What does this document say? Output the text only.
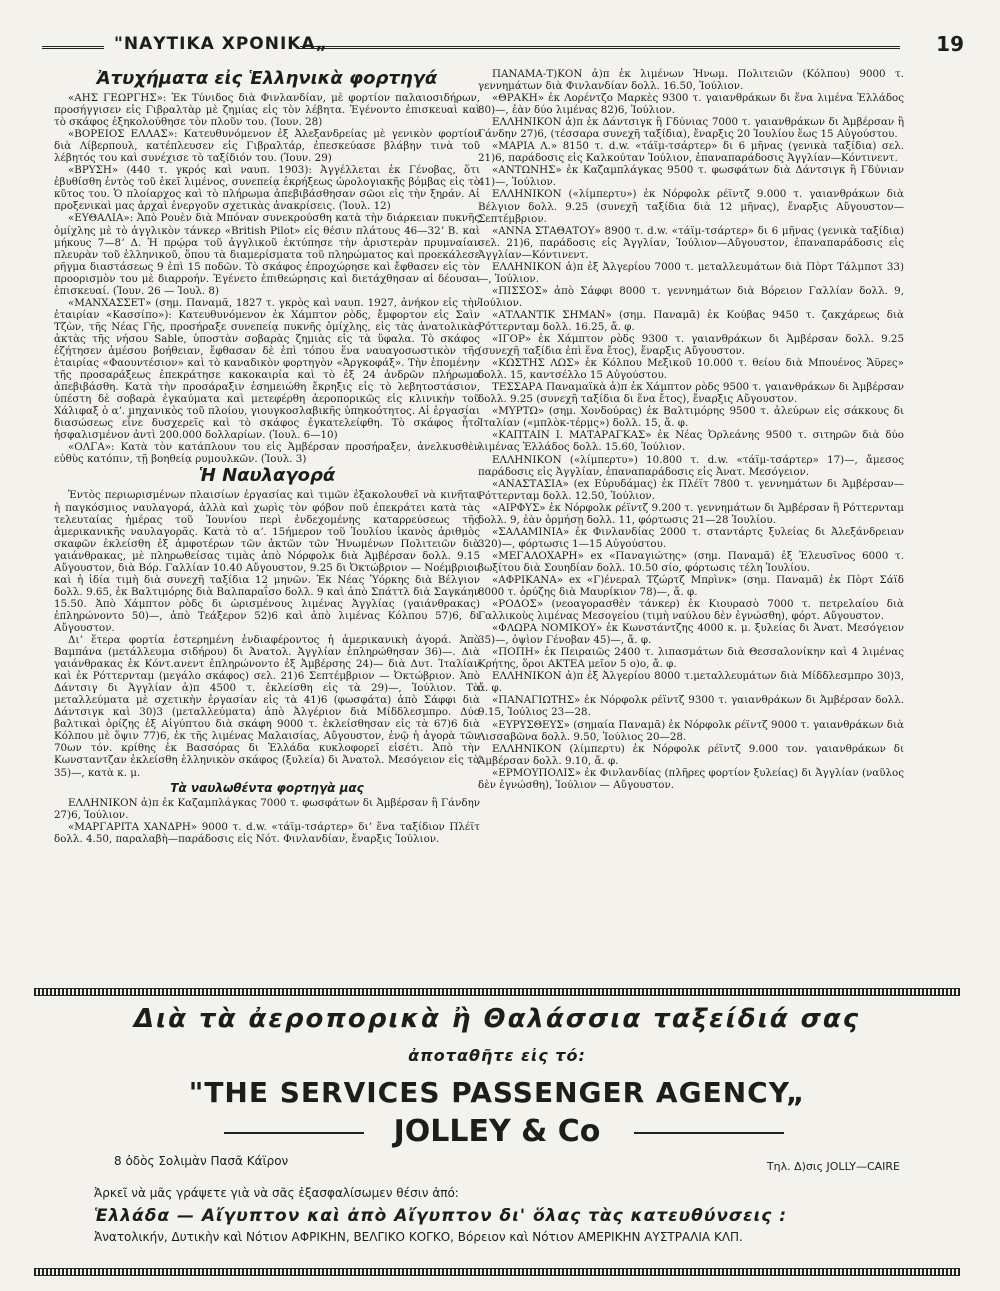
"ΝΑΥΤΙΚΑ ΧΡΟΝΙΚΑ„	19
Ἀτυχήματα εἰς Ἑλληνικὰ φορτηγά

«ΑΗΣ ΓΕΩΡΓΗΣ»: Ἐκ Τύνιδος διὰ Φινλανδίαν, μὲ φορτίον παλαιοσιδήρων, προσήγγισεν εἰς Γιβραλτὰρ μὲ ζημίας εἰς τὸν λέβητα. Ἐγένοντο ἐπισκευαὶ καὶ τὸ σκάφος ἐξηκολούθησε τὸν πλοῦν του. (Ἰουν. 28)

«ΒΟΡΕΙΟΣ ΕΛΛΑΣ»: Κατευθυνόμενον ἐξ Ἀλεξανδρείας μὲ γενικὸν φορτίον διὰ Λίβερπουλ, κατέπλευσεν εἰς Γιβραλτάρ, ἐπεσκεύασε βλάβην τινὰ τοῦ λέβητός του καὶ συνέχισε τὸ ταξίδιόν του. (Ἰουν. 29)

«ΒΡΥΣΗ» (440 τ. γκρός καὶ ναυπ. 1903): Ἀγγέλλεται ἐκ Γένοβας, ὅτι ἐβυθίσθη ἐντὸς τοῦ ἐκεῖ λιμένος, συνεπείᾳ ἐκρήξεως ὡρολογιακῆς βόμβας εἰς τὸ κῦτος του. Ὁ πλοίαρχος καὶ τὸ πλήρωμα ἀπεβιβάσθησαν σῶοι εἰς τὴν ξηράν. Αἱ προξενικαὶ μας ἀρχαὶ ἐνεργοῦν σχετικὰς ἀνακρίσεις. (Ἰουλ. 12)

«ΕΥΘΑΛΙΑ»: Ἀπὸ Ρουὲν διὰ Μπόναν συνεκρούσθη κατὰ τὴν διάρκειαν πυκνῆς ὁμίχλης μὲ τὸ ἀγγλικὸν τάνκερ «British Pilot» εἰς θέσιν πλάτους 46—32ʼ Β. καὶ μήκους 7—8ʼ Δ. Ἡ πρῴρα τοῦ ἀγγλικοῦ ἐκτύπησε τὴν ἀριστερὰν πρυμναίαν πλευρὰν τοῦ ἑλληνικοῦ, ὅπου τὰ διαμερίσματα τοῦ πληρώματος καὶ προεκάλεσε ρῆγμα διαστάσεως 9 ἐπὶ 15 ποδῶν. Τὸ σκάφος ἐπροχώρησε καὶ ἔφθασεν εἰς τὸν προορισμὸν του μὲ διαρροήν. Ἐγένετο ἐπιθεώρησις καὶ διετάχθησαν αἱ δέουσαι ἐπισκευαί. (Ἰουν. 26 — Ἰουλ. 8)

«ΜΑΝΧΑΣΣΕΤ» (σημ. Παναμᾶ, 1827 τ. γκρὸς καὶ ναυπ. 1927, ἀνήκον εἰς τὴν ἑταιρίαν «Κασσίπο»): Κατευθυνόμενον ἐκ Χάμπτον ρὸδς, ἔμφορτον εἰς Σαὶν Τζὼν, τῆς Νέας Γῆς, προσήραξε συνεπείᾳ πυκνῆς ὁμίχλης, εἰς τὰς ἀνατολικὰς ἀκτὰς τῆς νήσου Sable, ὑποστὰν σοβαρὰς ζημιὰς εἰς τὰ ὕφαλα. Τὸ σκάφος ἐζήτησεν ἀμέσου βοήθειαν, ἔφθασαν δὲ ἐπὶ τόπου ἕνα ναυαγοσωστικὸν τῆς ἑταιρίας «Φαουντέσιον» καὶ τὸ καναδικὸν φορτηγὸν «Ἀργκοφάξ». Τὴν ἑπομένην τῆς προσαράξεως ἐπεκράτησε κακοκαιρία καὶ τὸ ἐξ 24 ἀνδρῶν πλήρωμα ἀπεβιβάσθη. Κατὰ τὴν προσάραξιν ἐσημειώθη ἔκρηξις εἰς τὸ λεβητοστάσιον, ὑπέστη δὲ σοβαρὰ ἐγκαύματα καὶ μετεφέρθη ἀεροπορικῶς εἰς κλινικὴν τοῦ Χάλιφαξ ὁ αʼ. μηχανικὸς τοῦ πλοίου, γιουγκοσλαβικῆς ὑπηκοότητος. Αἱ ἐργασίαι διασώσεως εἶνε δυσχερεῖς καὶ τὸ σκάφος ἐγκατελείφθη. Τὸ σκάφος ἦτο ἠσφαλισμένον ἀντὶ 200.000 δολλαρίων. (Ἰουλ. 6—10)

«ΟΛΓΑ»: Κατὰ τὸν κατάπλουν του εἰς Ἀμβέρσαν προσήραξεν, ἀνελκυσθὲν εὐθὺς κατόπιν, τῇ βοηθείᾳ ρυμουλκῶν. (Ἰουλ. 3)

Ἡ Ναυλαγορά

Ἐντὸς περιωρισμένων πλαισίων ἐργασίας καὶ τιμῶν ἐξακολουθεῖ νὰ κινῆται ἡ παγκόσμιος ναυλαγορά, ἀλλὰ καὶ χωρὶς τὸν φόβον ποῦ ἐπεκράτει κατὰ τὰς τελευταίας ἡμέρας τοῦ Ἰουνίου περὶ ἐνδεχομένης καταρρεύσεως τῆς ἀμερικανικῆς ναυλαγορᾶς. Κατὰ τὸ αʼ. 15ήμερον τοῦ Ἰουλίου ἱκανὸς ἀριθμὸς σκαφῶν ἐκλείσθη ἐξ ἀμφοτέρων τῶν ἀκτῶν τῶν Ἡνωμένων Πολιτειῶν διὰ γαιάνθρακας, μὲ πληρωθείσας τιμὰς ἀπὸ Νόρφολκ διὰ Ἀμβέρσαν δολλ. 9.15 Αὔγουστον, διὰ Βόρ. Γαλλίαν 10.40 Αὔγουστον, 9.25 δι Ὀκτώβριον — Νοέμβριον καὶ ἡ ἰδία τιμὴ διὰ συνεχῆ ταξίδια 12 μηνῶν. Ἐκ Νέας Ὑόρκης διὰ Βέλγιον δολλ. 9.65, ἐκ Βαλτιμόρης διὰ Βαλπαραΐσο δολλ. 9 καὶ ἀπὸ Σπάττλ διὰ Σαγκάην 15.50. Ἀπὸ Χάμπτον ρὸδς δι ὡρισμένους λιμένας Ἀγγλίας (γαιάνθρακας) ἐπληρώνοντο 50)—, ἀπὸ Τεάξερον 52)6 καὶ ἀπὸ λιμένας Κόλπου 57)6, δι Αὔγουστον.

Διʼ ἕτερα φορτία ἐστερημένη ἐνδιαφέροντος ἡ ἀμερικανικὴ ἀγορά. Ἀπὸ Βαμπάνα (μετάλλευμα σιδήρου) δι Ἀνατολ. Ἀγγλίαν ἐπληρώθησαν 36)—. Διὰ γαιάνθρακας ἐκ Κόντ.ανεντ ἐπληρώνοντο ἐξ Ἀμβέρσης 24)— διὰ Δυτ. Ἰταλίαν καὶ ἐκ Ρόττερνταμ (μεγάλο σκάφος) σελ. 21)6 Σεπτέμβριον — Ὀκτώβριον. Ἀπὸ Δάντσιγ δι Ἀγγλίαν ἀ)π 4500 τ. ἐκλείσθη εἰς τὰ 29)—, Ἰούλιον. Τὰ μεταλλεύματα μὲ σχετικὴν ἐργασίαν εἰς τὰ 41)6 (φωσφάτα) ἀπὸ Σάφφι διὰ Δάντσιγκ καὶ 30)3 (μεταλλεύματα) ἀπὸ Ἀλγέριον διὰ Μίδδλεσμπρο. Δύο βαλτικαὶ ὁρίζης ἐξ Αἰγύπτου διὰ σκάφη 9000 τ. ἐκλείσθησαν εἰς τὰ 67)6 διὰ Κόλπου μὲ ὅψιν 77)6, ἐκ τῆς λιμένας Μαλαισίας, Αὔγουστον, ἐνῷ ἡ ἀγορὰ τῶν 70ων τόν. κρίθης ἐκ Βασσόρας δι Ἑλλάδα κυκλοφορεῖ εἰσέτι. Ἀπὸ τὴν Κωνσταντζαν ἐκλείσθη ἑλληνικὸν σκάφος (ξυλεία) δι Ἀνατολ. Μεσόγειον εἰς τὰ 35)—, κατὰ κ. μ.

Τὰ ναυλωθέντα φορτηγὰ μας

ΕΛΛΗΝΙΚΟΝ ἀ)π ἐκ Καζαμπλάγκας 7000 τ. φωσφάτων δι Ἀμβέρσαν ἢ Γάνδην 27)6, Ἰούλιον.

«ΜΑΡΓΑΡΙΤΑ ΧΑΝΔΡΗ» 9000 τ. d.w. «τάϊμ-τσάρτερ» διʼ ἕνα ταξίδιον Πλέϊτ δολλ. 4.50, παραλαβὴ—παράδοσις εἰς Νότ. Φινλανδίαν, ἔναρξις Ἰούλιον.

ΠΑΝΑΜΑ-Τ)ΚΟΝ ἀ)π ἐκ λιμένων Ἡνωμ. Πολιτειῶν (Κόλπου) 9000 τ. γεννημάτων διὰ Φινλανδίαν δολλ. 16.50, Ἰούλιον.

«ΘΡΑΚΗ» ἐκ Λορέντζο Μαρκὲς 9300 τ. γαιανθράκων δι ἕνα λιμένα Ἑλλάδος 80)—, ἐὰν δύο λιμένας 82)6, Ἰούλιον.

ΕΛΛΗΝΙΚΟΝ ἀ)π ἐκ Δάντσιγκ ἢ Γδύνιας 7000 τ. γαιανθράκων δι Ἀμβέρσαν ἢ Γάνδην 27)6, (τέσσαρα συνεχῆ ταξίδια), ἔναρξις 20 Ἰουλίου ἕως 15 Αὐγούστου.

«ΜΑΡΙΑ Λ.» 8150 τ. d.w. «τάϊμ-τσάρτερ» δι 6 μῆνας (γενικὰ ταξίδια) σελ. 21)6, παράδοσις εἰς Καλκούταν Ἰούλιον, ἐπαναπαράδοσις Ἀγγλίαν—Κόντινεντ.

«ΑΝΤΩΝΗΣ» ἐκ Καζαμπλάγκας 9500 τ. φωσφάτων διὰ Δάντσιγκ ἢ Γδύνιαν 41)—, Ἰούλιον.

ΕΛΛΗΝΙΚΟΝ («λίμπερτυ») ἐκ Νόρφολκ ρέϊντζ 9.000 τ. γαιανθράκων διὰ Βέλγιον δολλ. 9.25 (συνεχῆ ταξίδια διὰ 12 μῆνας), ἔναρξις Αὔγουστον—Σεπτέμβριον.

«ΑΝΝΑ ΣΤΑΘΑΤΟΥ» 8900 τ. d.w. «τάϊμ-τσάρτερ» δι 6 μῆνας (γενικὰ ταξίδια) σελ. 21)6, παράδοσις εἰς Ἀγγλίαν, Ἰούλιον—Αὔγουστον, ἐπαναπαράδοσις εἰς Ἀγγλίαν—Κόντινεντ.

ΕΛΛΗΝΙΚΟΝ ἀ)π ἐξ Ἀλγερίου 7000 τ. μεταλλευμάτων διὰ Πὸρτ Τάλμποτ 33)—, Ἰούλιον.

«ΠΙΣΣΟΣ» ἀπὸ Σάφφι 8000 τ. γεννημάτων διὰ Βόρειον Γαλλίαν δολλ. 9, Ἰούλιον.

«ΑΤΛΑΝΤΙΚ ΣΗΜΑΝ» (σημ. Παναμᾶ) ἐκ Κούβας 9450 τ. ζακχάρεως διὰ Ρόττερνταμ δολλ. 16.25, ἄ. φ.

«ΙΓΟΡ» ἐκ Χάμπτον ρὸδς 9300 τ. γαιανθράκων δι Ἀμβέρσαν δολλ. 9.25 (συνεχῆ ταξίδια ἐπὶ ἕνα ἔτος), ἔναρξις Αὔγουστον.

«ΚΩΣΤΗΣ ΛΩΣ» ἐκ Κόλπου Μεξικοῦ 10.000 τ. θείου διὰ Μπουένος Ἄϋρες» δολλ. 15, καντσέλλο 15 Αὐγούστου.

ΤΕΣΣΑΡΑ Παναμαϊκὰ ἀ)π ἐκ Χάμπτον ρὸδς 9500 τ. γαιανθράκων δι Ἀμβέρσαν δολλ. 9.25 (συνεχῆ ταξίδια δι ἕνα ἔτος), ἔναρξις Αὔγουστον.

«ΜΥΡΤΩ» (σημ. Χονδούρας) ἐκ Βαλτιμόρης 9500 τ. ἀλεύρων εἰς σάκκους δι Ἰταλίαν («μπλὸκ-τέρμς») δολλ. 15, ἄ. φ.

«ΚΑΠΤΑΙΝ Ι. ΜΑΤΑΡΑΓΚΑΣ» ἐκ Νέας Ὀρλεάνης 9500 τ. σιτηρῶν διὰ δύο λιμένας Ἑλλάδος δολλ. 15.60, Ἰούλιον.

ΕΛΛΗΝΙΚΟΝ («λίμπερτυ») 10.800 τ. d.w. «τάϊμ-τσάρτερ» 17)—, ἄμεσος παράδοσις εἰς Ἀγγλίαν, ἐπαναπαράδοσις εἰς Ἀνατ. Μεσόγειον.

«ΑΝΑΣΤΑΣΙΑ» (ex Εὐρυδάμας) ἐκ Πλέϊτ 7800 τ. γεννημάτων δι Ἀμβέρσαν—Ρόττερνταμ δολλ. 12.50, Ἰούλιον.

«ΑΙΡΦΥΣ» ἐκ Νόρφολκ ρέϊντζ 9.200 τ. γεννημάτων δι Ἀμβέρσαν ἢ Ρόττερνταμ δολλ. 9, ἐὰν ὁρμήσῃ δολλ. 11, φόρτωσις 21—28 Ἰουλίου.

«ΣΑΛΑΜΙΝΙΑ» ἐκ Φινλανδίας 2000 τ. σταντάρτς ξυλείας δι Ἀλεξάνδρειαν 320)—, φόρτωσις 1—15 Αὐγούστου.

«ΜΕΓΑΛΟΧΑΡΗ» ex «Παναγιώτης» (σημ. Παναμᾶ) ἐξ Ἐλευσῖνος 6000 τ. βωξίτου διὰ Σουηδίαν δολλ. 10.50 σίο, φόρτωσις τέλη Ἰουλίου.

«ΑΦΡΙΚΑΝΑ» ex «Γ)ένεραλ Τζώρτζ Μπρὶνκ» (σημ. Παναμᾶ) ἐκ Πὸρτ Σάϊδ 8000 τ. ὀρύζης διὰ Μαυρίκιον 78)—, ἄ. φ.

«ΡΟΔΟΣ» (νεοαγορασθὲν τάνκερ) ἐκ Κιουρασὸ 7000 τ. πετρελαίου διὰ Γαλλικοὺς λιμένας Μεσογείου (τιμὴ ναύλου δὲν ἐγνώσθη), φόρτ. Αὔγουστον.

«ΦΛΩΡΑ ΝΟΜΙΚΟΥ» ἐκ Κωνστάντζης 4000 κ. μ. ξυλείας δι Ἀνατ. Μεσόγειον 35)—, ὀψὶον Γένοβαν 45)—, ἄ. φ.

«ΠΟΠΗ» ἐκ Πειραιῶς 2400 τ. λιπασμάτων διὰ Θεσσαλονίκην καὶ 4 λιμένας Κρήτης, ὅροι ΑΚΤΕΑ μεῖον 5 ο)ο, ἄ. φ.

ΕΛΛΗΝΙΚΟΝ ἀ)π ἐξ Ἀλγερίου 8000 τ.μεταλλευμάτων διὰ Μίδδλεσμπρο 30)3, ἄ. φ.

«ΠΑΝΑΓΙΩΤΗΣ» ἐκ Νόρφολκ ρέϊντζ 9300 τ. γαιανθράκων δι Ἀμβέρσαν δολλ. 9.15, Ἰούλιος 23—28.

«ΕΥΡΥΣΘΕΥΣ» (σημαία Παναμᾶ) ἐκ Νόρφολκ ρέϊντζ 9000 τ. γαιανθράκων διὰ Λισσαβῶνα δολλ. 9.50, Ἰούλιος 20—28.

ΕΛΛΗΝΙΚΟΝ (λίμπερτυ) ἐκ Νόρφολκ ρέϊντζ 9.000 τον. γαιανθράκων δι Ἀμβέρσαν δολλ. 9.10, ἄ. φ.

«ΕΡΜΟΥΠΟΛΙΣ» ἐκ Φινλανδίας (πλῆρες φορτίον ξυλείας) δι Ἀγγλίαν (ναῦλος δὲν ἐγνώσθη), Ἰούλιον — Αὔγουστον.

Διὰ τὰ ἀεροπορικὰ ἢ Θαλάσσια ταξείδιά σας
ἀποταθῆτε εἰς τό:
"THE SERVICES PASSENGER AGENCY„
JOLLEY & Co
8 ὁδὸς Σολιμὰν Πασᾶ Κάϊρον	Τηλ. Δ)σις JOLLY—CAIRE
Ἀρκεῖ νὰ μᾶς γράψετε γιὰ νὰ σᾶς ἐξασφαλίσωμεν θέσιν ἀπό:
Ἑλλάδα — Αἴγυπτον καὶ ἀπὸ Αἴγυπτον δι' ὅλας τὰς κατευθύνσεις :
Ἀνατολικήν, Δυτικὴν καὶ Νότιον ΑΦΡΙΚΗΝ, ΒΕΛΓΙΚΟ ΚΟΓΚΟ, Βόρειον καὶ Νότιον ΑΜΕΡΙΚΗΝ ΑΥΣΤΡΑΛΙΑ ΚΛΠ.
